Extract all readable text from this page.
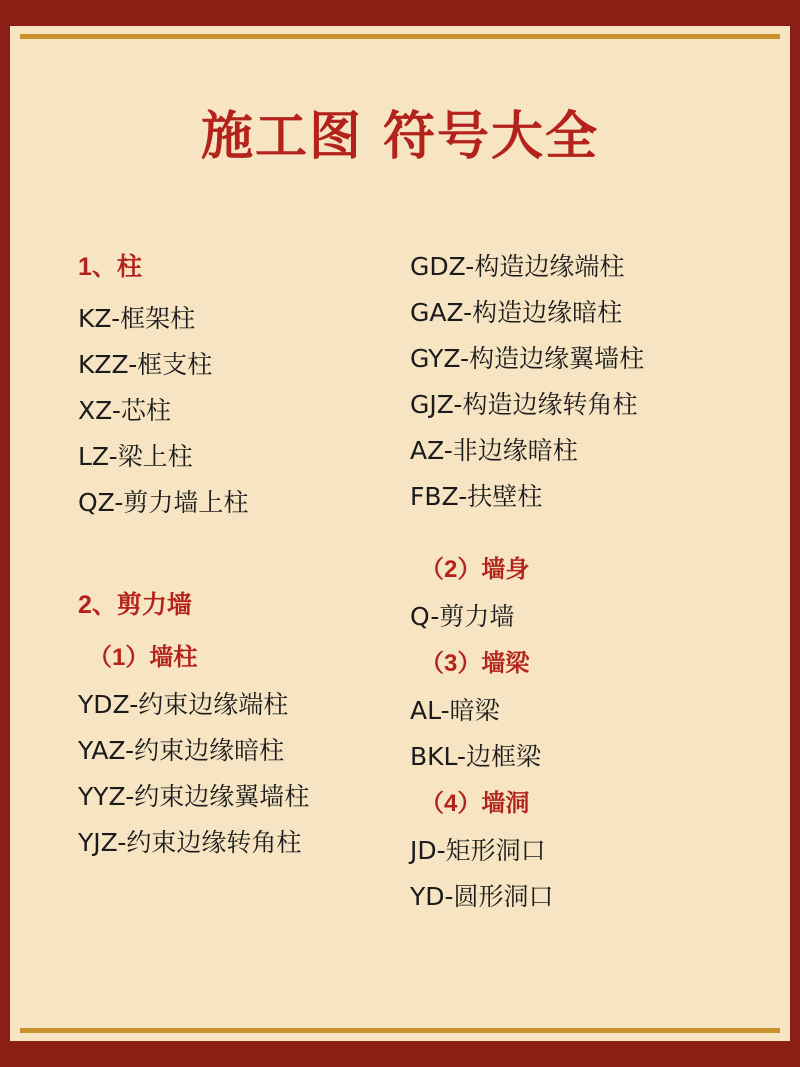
施工图 符号大全
1、柱
KZ-框架柱
KZZ-框支柱
XZ-芯柱
LZ-梁上柱
QZ-剪力墙上柱
2、剪力墙
（1）墙柱
YDZ-约束边缘端柱
YAZ-约束边缘暗柱
YYZ-约束边缘翼墙柱
YJZ-约束边缘转角柱
GDZ-构造边缘端柱
GAZ-构造边缘暗柱
GYZ-构造边缘翼墙柱
GJZ-构造边缘转角柱
AZ-非边缘暗柱
FBZ-扶壁柱
（2）墙身
Q-剪力墙
（3）墙梁
AL-暗梁
BKL-边框梁
（4）墙洞
JD-矩形洞口
YD-圆形洞口
